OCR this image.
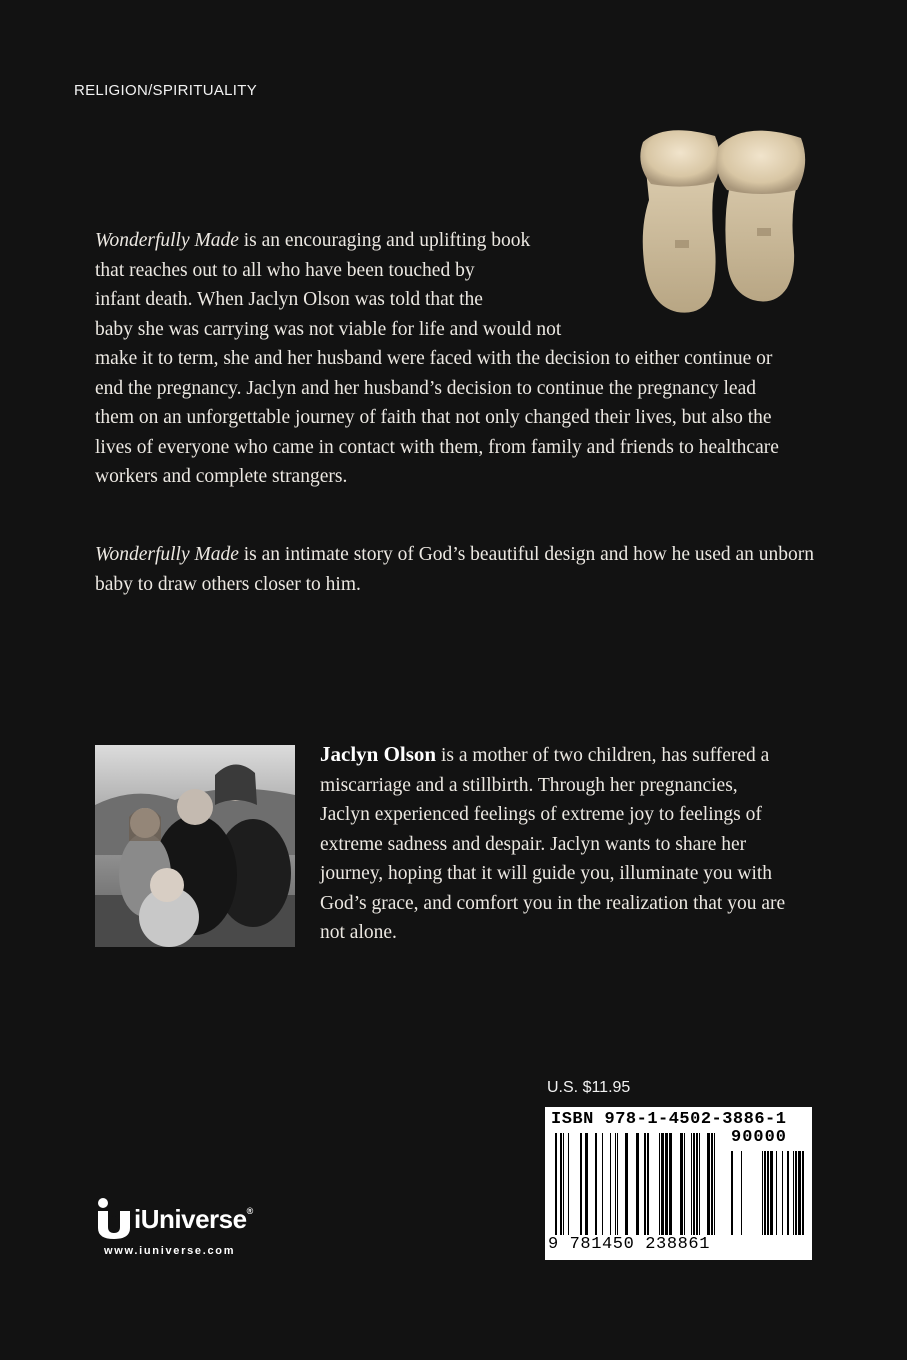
RELIGION/SPIRITUALITY

Wonderfully Made is an encouraging and uplifting book
that reaches out to all who have been touched by
infant death. When Jaclyn Olson was told that the
baby she was carrying was not viable for life and would not
make it to term, she and her husband were faced with the decision to either continue or end the pregnancy. Jaclyn and her husband’s decision to continue the pregnancy lead them on an unforgettable journey of faith that not only changed their lives, but also the lives of everyone who came in contact with them, from family and friends to healthcare workers and complete strangers.

Wonderfully Made is an intimate story of God’s beautiful design and how he used an unborn baby to draw others closer to him.

Jaclyn Olson is a mother of two children, has suffered a miscarriage and a stillbirth. Through her pregnancies, Jaclyn experienced feelings of extreme joy to feelings of extreme sadness and despair. Jaclyn wants to share her journey, hoping that it will guide you, illuminate you with God’s grace, and comfort you in the realization that you are not alone.

U.S. $11.95
ISBN 978-1-4502-3886-1
90000
9 781450 238861
iUniverse®
www.iuniverse.com
